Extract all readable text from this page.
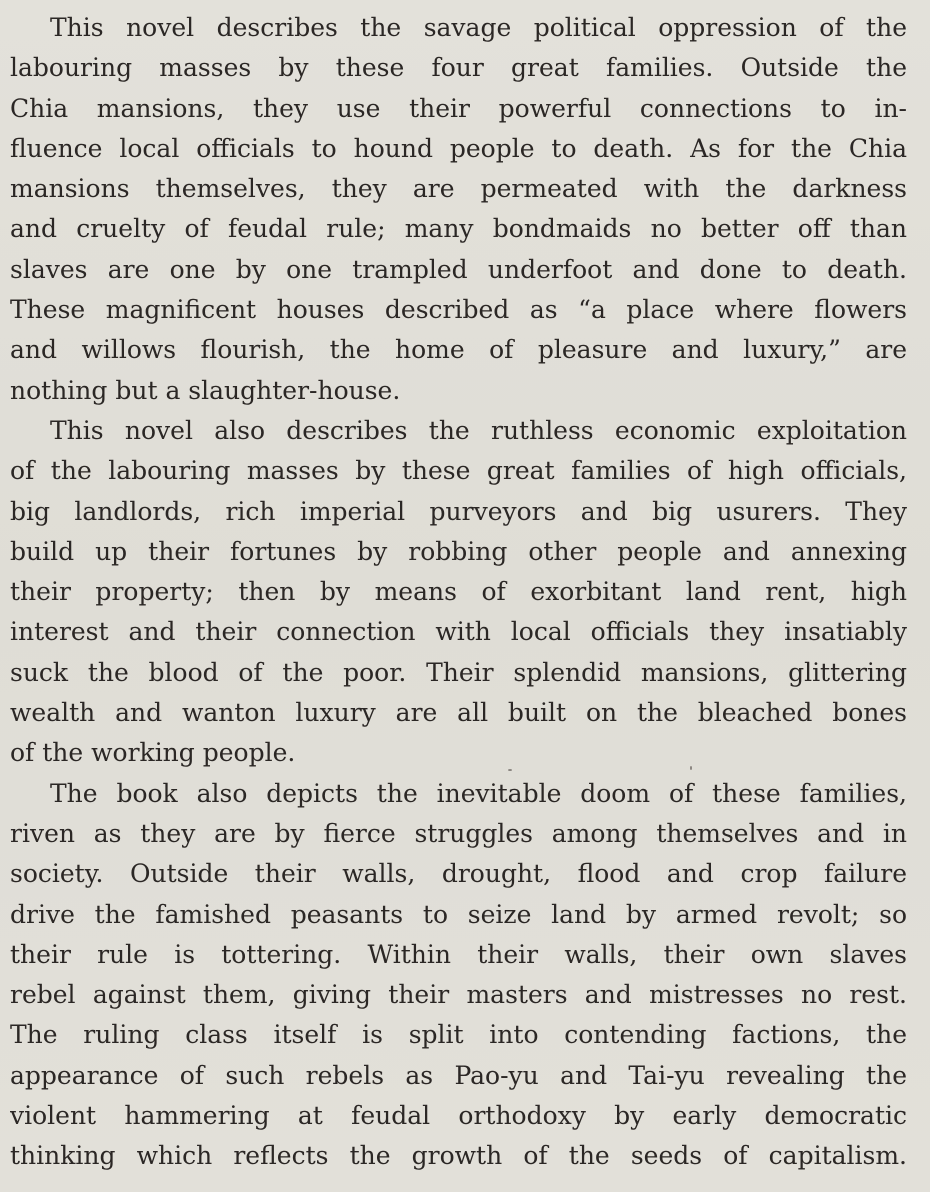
This novel describes the savage political oppression of the
labouring masses by these four great families. Outside the
Chia mansions, they use their powerful connections to in-
fluence local officials to hound people to death. As for the Chia
mansions themselves, they are permeated with the darkness
and cruelty of feudal rule; many bondmaids no better off than
slaves are one by one trampled underfoot and done to death.
These magnificent houses described as “a place where flowers
and willows flourish, the home of pleasure and luxury,” are
nothing but a slaughter-house.
This novel also describes the ruthless economic exploitation
of the labouring masses by these great families of high officials,
big landlords, rich imperial purveyors and big usurers. They
build up their fortunes by robbing other people and annexing
their property; then by means of exorbitant land rent, high
interest and their connection with local officials they insatiably
suck the blood of the poor. Their splendid mansions, glittering
wealth and wanton luxury are all built on the bleached bones
of the working people.
The book also depicts the inevitable doom of these families,
riven as they are by fierce struggles among themselves and in
society. Outside their walls, drought, flood and crop failure
drive the famished peasants to seize land by armed revolt; so
their rule is tottering. Within their walls, their own slaves
rebel against them, giving their masters and mistresses no rest.
The ruling class itself is split into contending factions, the
appearance of such rebels as Pao-yu and Tai-yu revealing the
violent hammering at feudal orthodoxy by early democratic
thinking which reflects the growth of the seeds of capitalism.
